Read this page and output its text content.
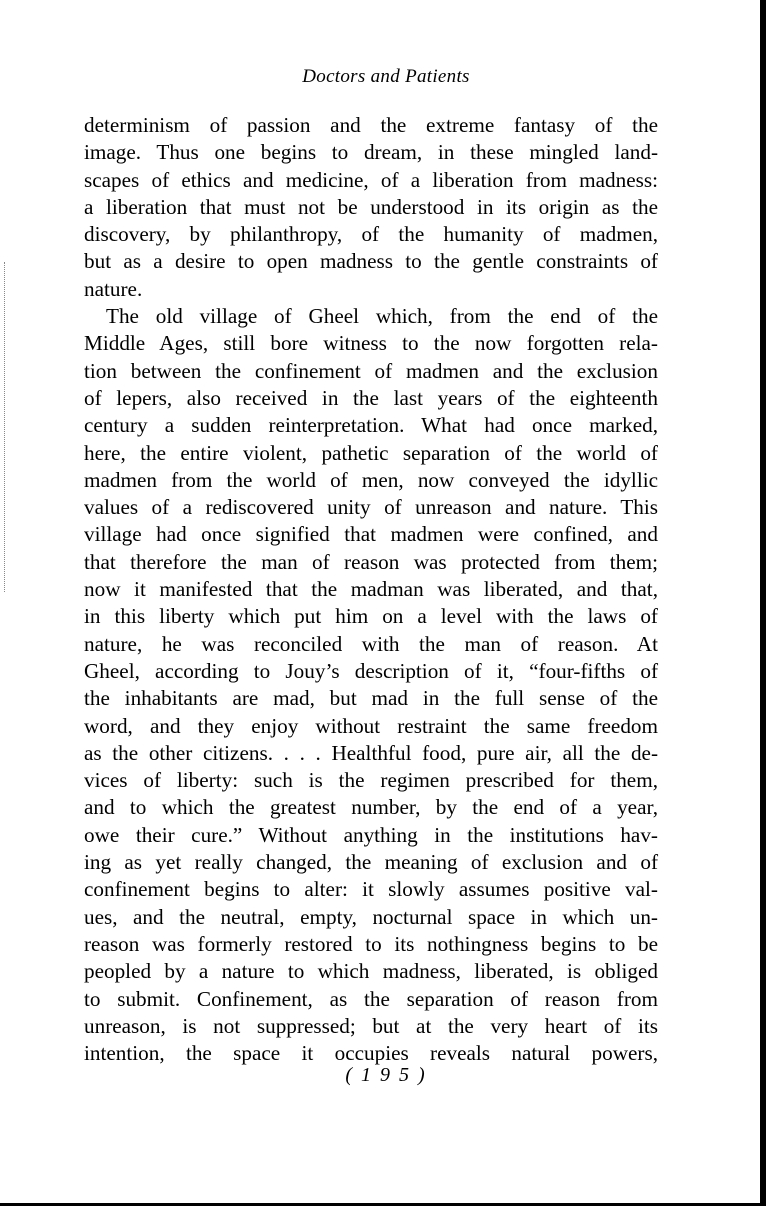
Doctors and Patients
determinism of passion and the extreme fantasy of the
image. Thus one begins to dream, in these mingled land-
scapes of ethics and medicine, of a liberation from madness:
a liberation that must not be understood in its origin as the
discovery, by philanthropy, of the humanity of madmen,
but as a desire to open madness to the gentle constraints of
nature.
The old village of Gheel which, from the end of the
Middle Ages, still bore witness to the now forgotten rela-
tion between the confinement of madmen and the exclusion
of lepers, also received in the last years of the eighteenth
century a sudden reinterpretation. What had once marked,
here, the entire violent, pathetic separation of the world of
madmen from the world of men, now conveyed the idyllic
values of a rediscovered unity of unreason and nature. This
village had once signified that madmen were confined, and
that therefore the man of reason was protected from them;
now it manifested that the madman was liberated, and that,
in this liberty which put him on a level with the laws of
nature, he was reconciled with the man of reason. At
Gheel, according to Jouy’s description of it, “four-fifths of
the inhabitants are mad, but mad in the full sense of the
word, and they enjoy without restraint the same freedom
as the other citizens. . . . Healthful food, pure air, all the de-
vices of liberty: such is the regimen prescribed for them,
and to which the greatest number, by the end of a year,
owe their cure.” Without anything in the institutions hav-
ing as yet really changed, the meaning of exclusion and of
confinement begins to alter: it slowly assumes positive val-
ues, and the neutral, empty, nocturnal space in which un-
reason was formerly restored to its nothingness begins to be
peopled by a nature to which madness, liberated, is obliged
to submit. Confinement, as the separation of reason from
unreason, is not suppressed; but at the very heart of its
intention, the space it occupies reveals natural powers,
( 1 9 5 )
